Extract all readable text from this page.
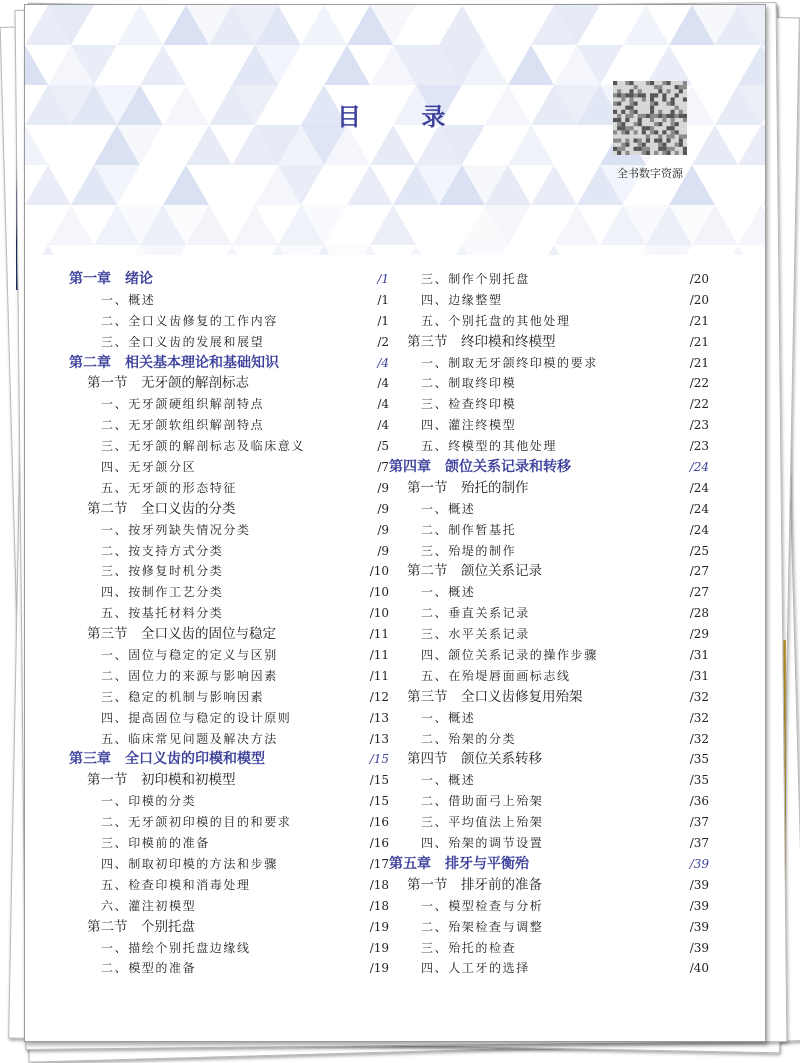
目 录
全书数字资源
第一章　绪论	/1
一、概述	/1
二、全口义齿修复的工作内容	/1
三、全口义齿的发展和展望	/2
第二章　相关基本理论和基础知识	/4
第一节　无牙颌的解剖标志	/4
一、无牙颌硬组织解剖特点	/4
二、无牙颌软组织解剖特点	/4
三、无牙颌的解剖标志及临床意义	/5
四、无牙颌分区	/7
五、无牙颌的形态特征	/9
第二节　全口义齿的分类	/9
一、按牙列缺失情况分类	/9
二、按支持方式分类	/9
三、按修复时机分类	/10
四、按制作工艺分类	/10
五、按基托材料分类	/10
第三节　全口义齿的固位与稳定	/11
一、固位与稳定的定义与区别	/11
二、固位力的来源与影响因素	/11
三、稳定的机制与影响因素	/12
四、提高固位与稳定的设计原则	/13
五、临床常见问题及解决方法	/13
第三章　全口义齿的印模和模型	/15
第一节　初印模和初模型	/15
一、印模的分类	/15
二、无牙颌初印模的目的和要求	/16
三、印模前的准备	/16
四、制取初印模的方法和步骤	/17
五、检查印模和消毒处理	/18
六、灌注初模型	/18
第二节　个别托盘	/19
一、描绘个别托盘边缘线	/19
二、模型的准备	/19
三、制作个别托盘	/20
四、边缘整塑	/20
五、个别托盘的其他处理	/21
第三节　终印模和终模型	/21
一、制取无牙颌终印模的要求	/21
二、制取终印模	/22
三、检查终印模	/22
四、灌注终模型	/23
五、终模型的其他处理	/23
第四章　颌位关系记录和转移	/24
第一节　殆托的制作	/24
一、概述	/24
二、制作暂基托	/24
三、殆堤的制作	/25
第二节　颌位关系记录	/27
一、概述	/27
二、垂直关系记录	/28
三、水平关系记录	/29
四、颌位关系记录的操作步骤	/31
五、在殆堤唇面画标志线	/31
第三节　全口义齿修复用殆架	/32
一、概述	/32
二、殆架的分类	/32
第四节　颌位关系转移	/35
一、概述	/35
二、借助面弓上殆架	/36
三、平均值法上殆架	/37
四、殆架的调节设置	/37
第五章　排牙与平衡殆	/39
第一节　排牙前的准备	/39
一、模型检查与分析	/39
二、殆架检查与调整	/39
三、殆托的检查	/39
四、人工牙的选择	/40
